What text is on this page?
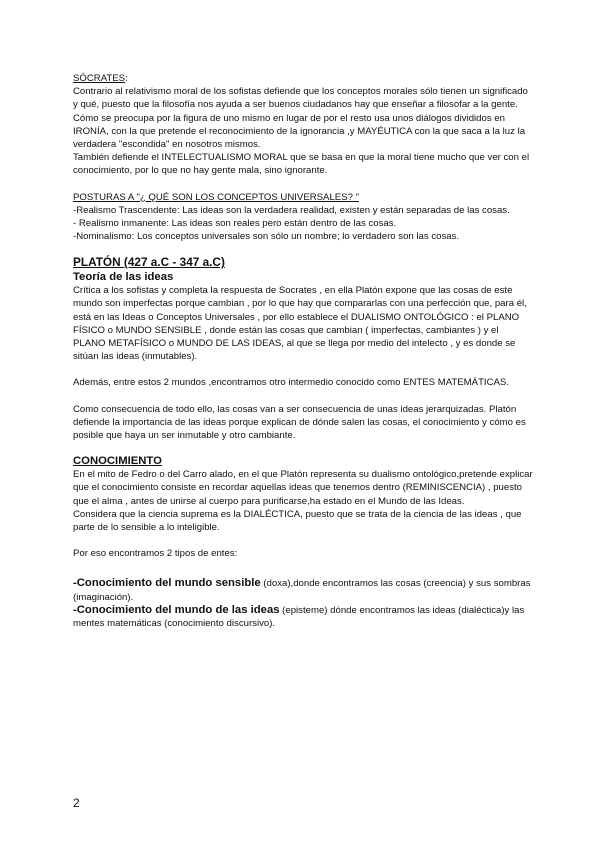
SÓCRATES:

Contrario al relativismo moral de los sofistas defiende que los conceptos morales sólo tienen un significado y qué, puesto que la filosofía nos ayuda a ser buenos ciudadanos hay que enseñar a filosofar a la gente.

Cómo se preocupa por la figura de uno mismo en lugar de por el resto usa unos diálogos divididos en IRONÍA, con la que pretende el reconocimiento de la ignorancia ,y MAYÉUTICA con la que saca a la luz la verdadera "escondida" en nosotros mismos.

También defiende el INTELECTUALISMO MORAL que se basa en que la moral tiene mucho que ver con el conocimiento, por lo que no hay gente mala, sino ignorante.

POSTURAS A "¿ QUÉ SON LOS CONCEPTOS UNIVERSALES? "

-Realismo Trascendente: Las ideas son la verdadera realidad, existen y están separadas de las cosas.

- Realismo inmanente: Las ideas son reales pero están dentro de las cosas.

-Nominalismo: Los conceptos universales son sólo un nombre; lo verdadero son las cosas.

PLATÓN (427 a.C - 347 a.C)

Teoría de las ideas

Crítica a los sofistas y completa la respuesta de Socrates , en ella Platón expone que las cosas de este mundo son imperfectas porque cambian , por lo que hay que compararlas con una perfección que, para él, está en las Ideas o Conceptos Universales , por ello establece el DUALISMO ONTOLÓGICO : el PLANO FÍSICO o MUNDO SENSIBLE , donde están las cosas que cambian ( imperfectas, cambiantes ) y el PLANO METAFÍSICO o MUNDO DE LAS IDEAS, al que se llega por medio del intelecto , y es donde se sitúan las ideas (inmutables).

Además, entre estos 2 mundos ,encontramos otro intermedio conocido como ENTES MATEMÁTICAS.

Como consecuencia de todo ello, las cosas van a ser consecuencia de unas ideas jerarquizadas. Platón defiende la importancia de las ideas porque explican de dónde salen las cosas, el conocimiento y cómo es posible que haya un ser inmutable y otro cambiante.

CONOCIMIENTO

En el mito de Fedro o del Carro alado, en el que Platón representa su dualismo ontológico,pretende explicar que el conocimiento consiste en recordar aquellas ideas que tenemos dentro (REMINISCENCIA) , puesto que el alma , antes de unirse al cuerpo para purificarse,ha estado en el Mundo de las Ideas.

Considera que la ciencia suprema es la DIALÉCTICA, puesto que se trata de la ciencia de las ideas , que parte de lo sensible a lo inteligible.

Por eso encontramos 2 tipos de entes:

-Conocimiento del mundo sensible (doxa),donde encontramos las cosas (creencia) y sus sombras (imaginación).

-Conocimiento del mundo de las ideas (episteme) dónde encontramos las ideas (dialéctica)y las mentes matemáticas (conocimiento discursivo).

2
